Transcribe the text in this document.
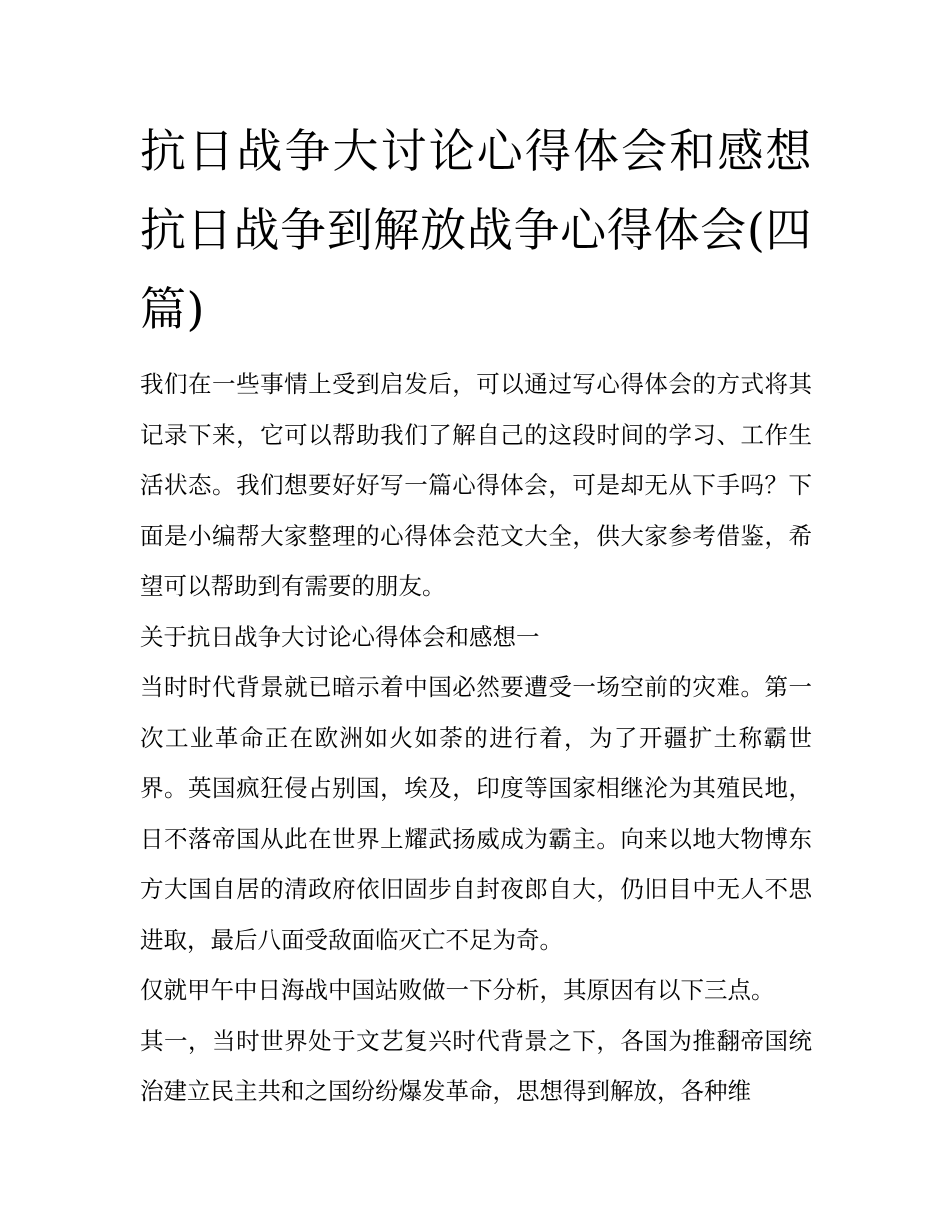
抗日战争大讨论心得体会和感想 抗日战争到解放战争心得体会(四篇)

我们在一些事情上受到启发后，可以通过写心得体会的方式将其记录下来，它可以帮助我们了解自己的这段时间的学习、工作生活状态。我们想要好好写一篇心得体会，可是却无从下手吗？下面是小编帮大家整理的心得体会范文大全，供大家参考借鉴，希望可以帮助到有需要的朋友。

关于抗日战争大讨论心得体会和感想一

当时时代背景就已暗示着中国必然要遭受一场空前的灾难。第一次工业革命正在欧洲如火如荼的进行着，为了开疆扩土称霸世界。英国疯狂侵占别国，埃及，印度等国家相继沦为其殖民地，日不落帝国从此在世界上耀武扬威成为霸主。向来以地大物博东方大国自居的清政府依旧固步自封夜郎自大，仍旧目中无人不思进取，最后八面受敌面临灭亡不足为奇。

仅就甲午中日海战中国站败做一下分析，其原因有以下三点。

其一，当时世界处于文艺复兴时代背景之下，各国为推翻帝国统治建立民主共和之国纷纷爆发革命，思想得到解放，各种维
